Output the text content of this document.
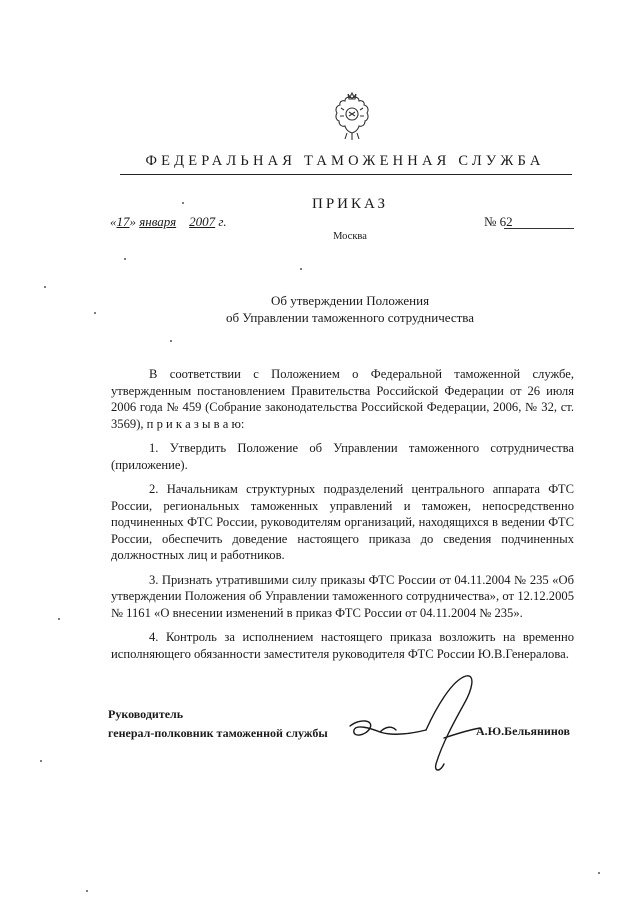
ФЕДЕРАЛЬНАЯ ТАМОЖЕННАЯ СЛУЖБА
ПРИКАЗ
«17» января 2007 г.	№ 62
Москва
Об утверждении Положения
об Управлении таможенного сотрудничества

В соответствии с Положением о Федеральной таможенной службе, утвержденным постановлением Правительства Российской Федерации от 26 июля 2006 года № 459 (Собрание законодательства Российской Федерации, 2006, № 32, ст. 3569), п р и к а з ы в а ю:

1. Утвердить Положение об Управлении таможенного сотрудничества (приложение).

2. Начальникам структурных подразделений центрального аппарата ФТС России, региональных таможенных управлений и таможен, непосредственно подчиненных ФТС России, руководителям организаций, находящихся в ведении ФТС России, обеспечить доведение настоящего приказа до сведения подчиненных должностных лиц и работников.

3. Признать утратившими силу приказы ФТС России от 04.11.2004 № 235 «Об утверждении Положения об Управлении таможенного сотрудничества», от 12.12.2005 № 1161 «О внесении изменений в приказ ФТС России от 04.11.2004 № 235».

4. Контроль за исполнением настоящего приказа возложить на временно исполняющего обязанности заместителя руководителя ФТС России Ю.В.Генералова.

Руководитель
генерал-полковник таможенной службы	А.Ю.Бельянинов
